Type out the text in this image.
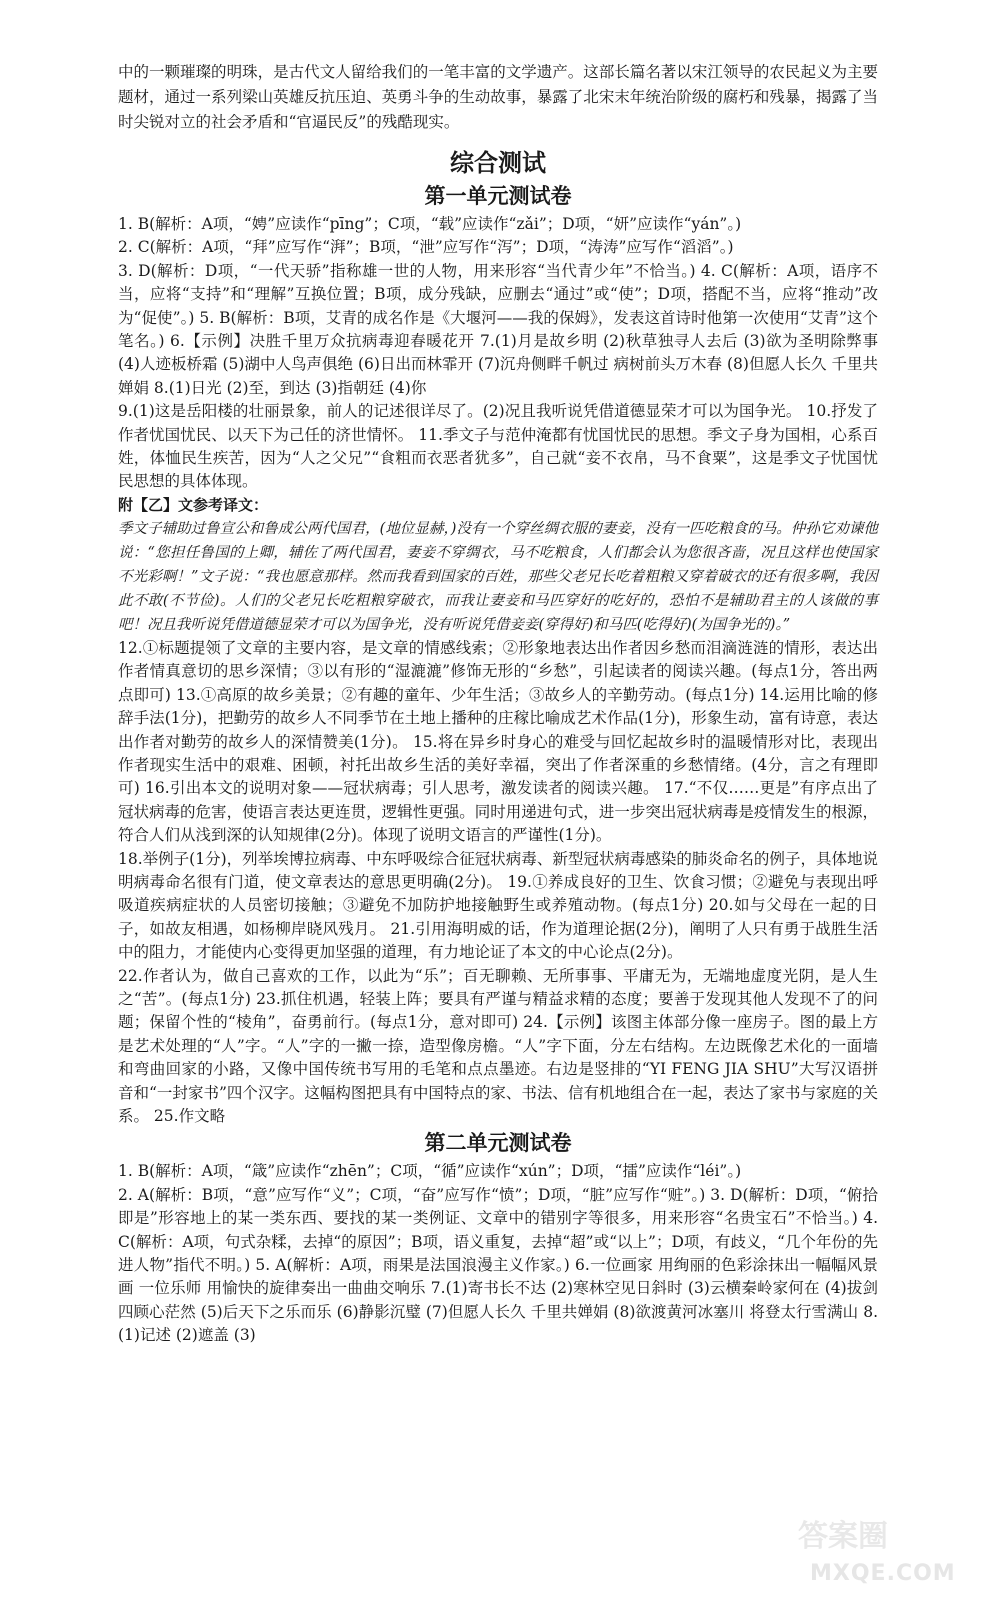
中的一颗璀璨的明珠，是古代文人留给我们的一笔丰富的文学遗产。这部长篇名著以宋江领导的农民起义为主要题材，通过一系列梁山英雄反抗压迫、英勇斗争的生动故事，暴露了北宋末年统治阶级的腐朽和残暴，揭露了当时尖锐对立的社会矛盾和“官逼民反”的残酷现实。

综合测试
第一单元测试卷

1. B(解析：A项，“娉”应读作“pīng”；C项，“载”应读作“zǎi”；D项，“妍”应读作“yán”。)

2. C(解析：A项，“拜”应写作“湃”；B项，“泄”应写作“泻”；D项，“涛涛”应写作“滔滔”。)

3. D(解析：D项，“一代天骄”指称雄一世的人物，用来形容“当代青少年”不恰当。) 4. C(解析：A项，语序不当，应将“支持”和“理解”互换位置；B项，成分残缺，应删去“通过”或“使”；D项，搭配不当，应将“推动”改为“促使”。) 5. B(解析：B项，艾青的成名作是《大堰河——我的保姆》，发表这首诗时他第一次使用“艾青”这个笔名。) 6.【示例】决胜千里万众抗病毒迎春暖花开 7.(1)月是故乡明 (2)秋草独寻人去后 (3)欲为圣明除弊事 (4)人迹板桥霜 (5)湖中人鸟声俱绝 (6)日出而林霏开 (7)沉舟侧畔千帆过 病树前头万木春 (8)但愿人长久 千里共婵娟 8.(1)日光 (2)至，到达 (3)指朝廷 (4)你

9.(1)这是岳阳楼的壮丽景象，前人的记述很详尽了。(2)况且我听说凭借道德显荣才可以为国争光。 10.抒发了作者忧国忧民、以天下为己任的济世情怀。 11.季文子与范仲淹都有忧国忧民的思想。季文子身为国相，心系百姓，体恤民生疾苦，因为“人之父兄”“食粗而衣恶者犹多”，自己就“妾不衣帛，马不食粟”，这是季文子忧国忧民思想的具体体现。

附【乙】文参考译文：

季文子辅助过鲁宣公和鲁成公两代国君，(地位显赫，)没有一个穿丝绸衣服的妻妾，没有一匹吃粮食的马。仲孙它劝谏他说：“您担任鲁国的上卿，辅佐了两代国君，妻妾不穿绸衣，马不吃粮食，人们都会认为您很吝啬，况且这样也使国家不光彩啊！”文子说：“我也愿意那样。然而我看到国家的百姓，那些父老兄长吃着粗粮又穿着破衣的还有很多啊，我因此不敢(不节俭)。人们的父老兄长吃粗粮穿破衣，而我让妻妾和马匹穿好的吃好的，恐怕不是辅助君主的人该做的事吧！况且我听说凭借道德显荣才可以为国争光，没有听说凭借妾妾(穿得好)和马匹(吃得好)(为国争光的)。”

12.①标题提领了文章的主要内容，是文章的情感线索；②形象地表达出作者因乡愁而泪滴涟涟的情形，表达出作者情真意切的思乡深情；③以有形的“湿漉漉”修饰无形的“乡愁”，引起读者的阅读兴趣。(每点1分，答出两点即可) 13.①高原的故乡美景；②有趣的童年、少年生活；③故乡人的辛勤劳动。(每点1分) 14.运用比喻的修辞手法(1分)，把勤劳的故乡人不同季节在土地上播种的庄稼比喻成艺术作品(1分)，形象生动，富有诗意，表达出作者对勤劳的故乡人的深情赞美(1分)。 15.将在异乡时身心的难受与回忆起故乡时的温暖情形对比，表现出作者现实生活中的艰难、困顿，衬托出故乡生活的美好幸福，突出了作者深重的乡愁情绪。(4分，言之有理即可) 16.引出本文的说明对象——冠状病毒；引人思考，激发读者的阅读兴趣。 17.“不仅……更是”有序点出了冠状病毒的危害，使语言表达更连贯，逻辑性更强。同时用递进句式，进一步突出冠状病毒是疫情发生的根源，符合人们从浅到深的认知规律(2分)。体现了说明文语言的严谨性(1分)。

18.举例子(1分)，列举埃博拉病毒、中东呼吸综合征冠状病毒、新型冠状病毒感染的肺炎命名的例子，具体地说明病毒命名很有门道，使文章表达的意思更明确(2分)。 19.①养成良好的卫生、饮食习惯；②避免与表现出呼吸道疾病症状的人员密切接触；③避免不加防护地接触野生或养殖动物。(每点1分) 20.如与父母在一起的日子，如故友相遇，如杨柳岸晓风残月。 21.引用海明威的话，作为道理论据(2分)，阐明了人只有勇于战胜生活中的阻力，才能使内心变得更加坚强的道理，有力地论证了本文的中心论点(2分)。

22.作者认为，做自己喜欢的工作，以此为“乐”；百无聊赖、无所事事、平庸无为，无端地虚度光阴，是人生之“苦”。(每点1分) 23.抓住机遇，轻装上阵；要具有严谨与精益求精的态度；要善于发现其他人发现不了的问题；保留个性的“棱角”，奋勇前行。(每点1分，意对即可) 24.【示例】该图主体部分像一座房子。图的最上方是艺术处理的“人”字。“人”字的一撇一捺，造型像房檐。“人”字下面，分左右结构。左边既像艺术化的一面墙和弯曲回家的小路，又像中国传统书写用的毛笔和点点墨迹。右边是竖排的“YI FENG JIA SHU”大写汉语拼音和“一封家书”四个汉字。这幅构图把具有中国特点的家、书法、信有机地组合在一起，表达了家书与家庭的关系。 25.作文略

第二单元测试卷

1. B(解析：A项，“箴”应读作“zhēn”；C项，“循”应读作“xún”；D项，“擂”应读作“léi”。)

2. A(解析：B项，“意”应写作“义”；C项，“奋”应写作“愤”；D项，“脏”应写作“赃”。) 3. D(解析：D项，“俯拾即是”形容地上的某一类东西、要找的某一类例证、文章中的错别字等很多，用来形容“名贵宝石”不恰当。) 4. C(解析：A项，句式杂糅，去掉“的原因”；B项，语义重复，去掉“超”或“以上”；D项，有歧义，“几个年份的先进人物”指代不明。) 5. A(解析：A项，雨果是法国浪漫主义作家。) 6.一位画家 用绚丽的色彩涂抹出一幅幅风景画 一位乐师 用愉快的旋律奏出一曲曲交响乐 7.(1)寄书长不达 (2)寒林空见日斜时 (3)云横秦岭家何在 (4)拔剑四顾心茫然 (5)后天下之乐而乐 (6)静影沉璧 (7)但愿人长久 千里共婵娟 (8)欲渡黄河冰塞川 将登太行雪满山 8.(1)记述 (2)遮盖 (3)

答案圈
MXQE.COM
